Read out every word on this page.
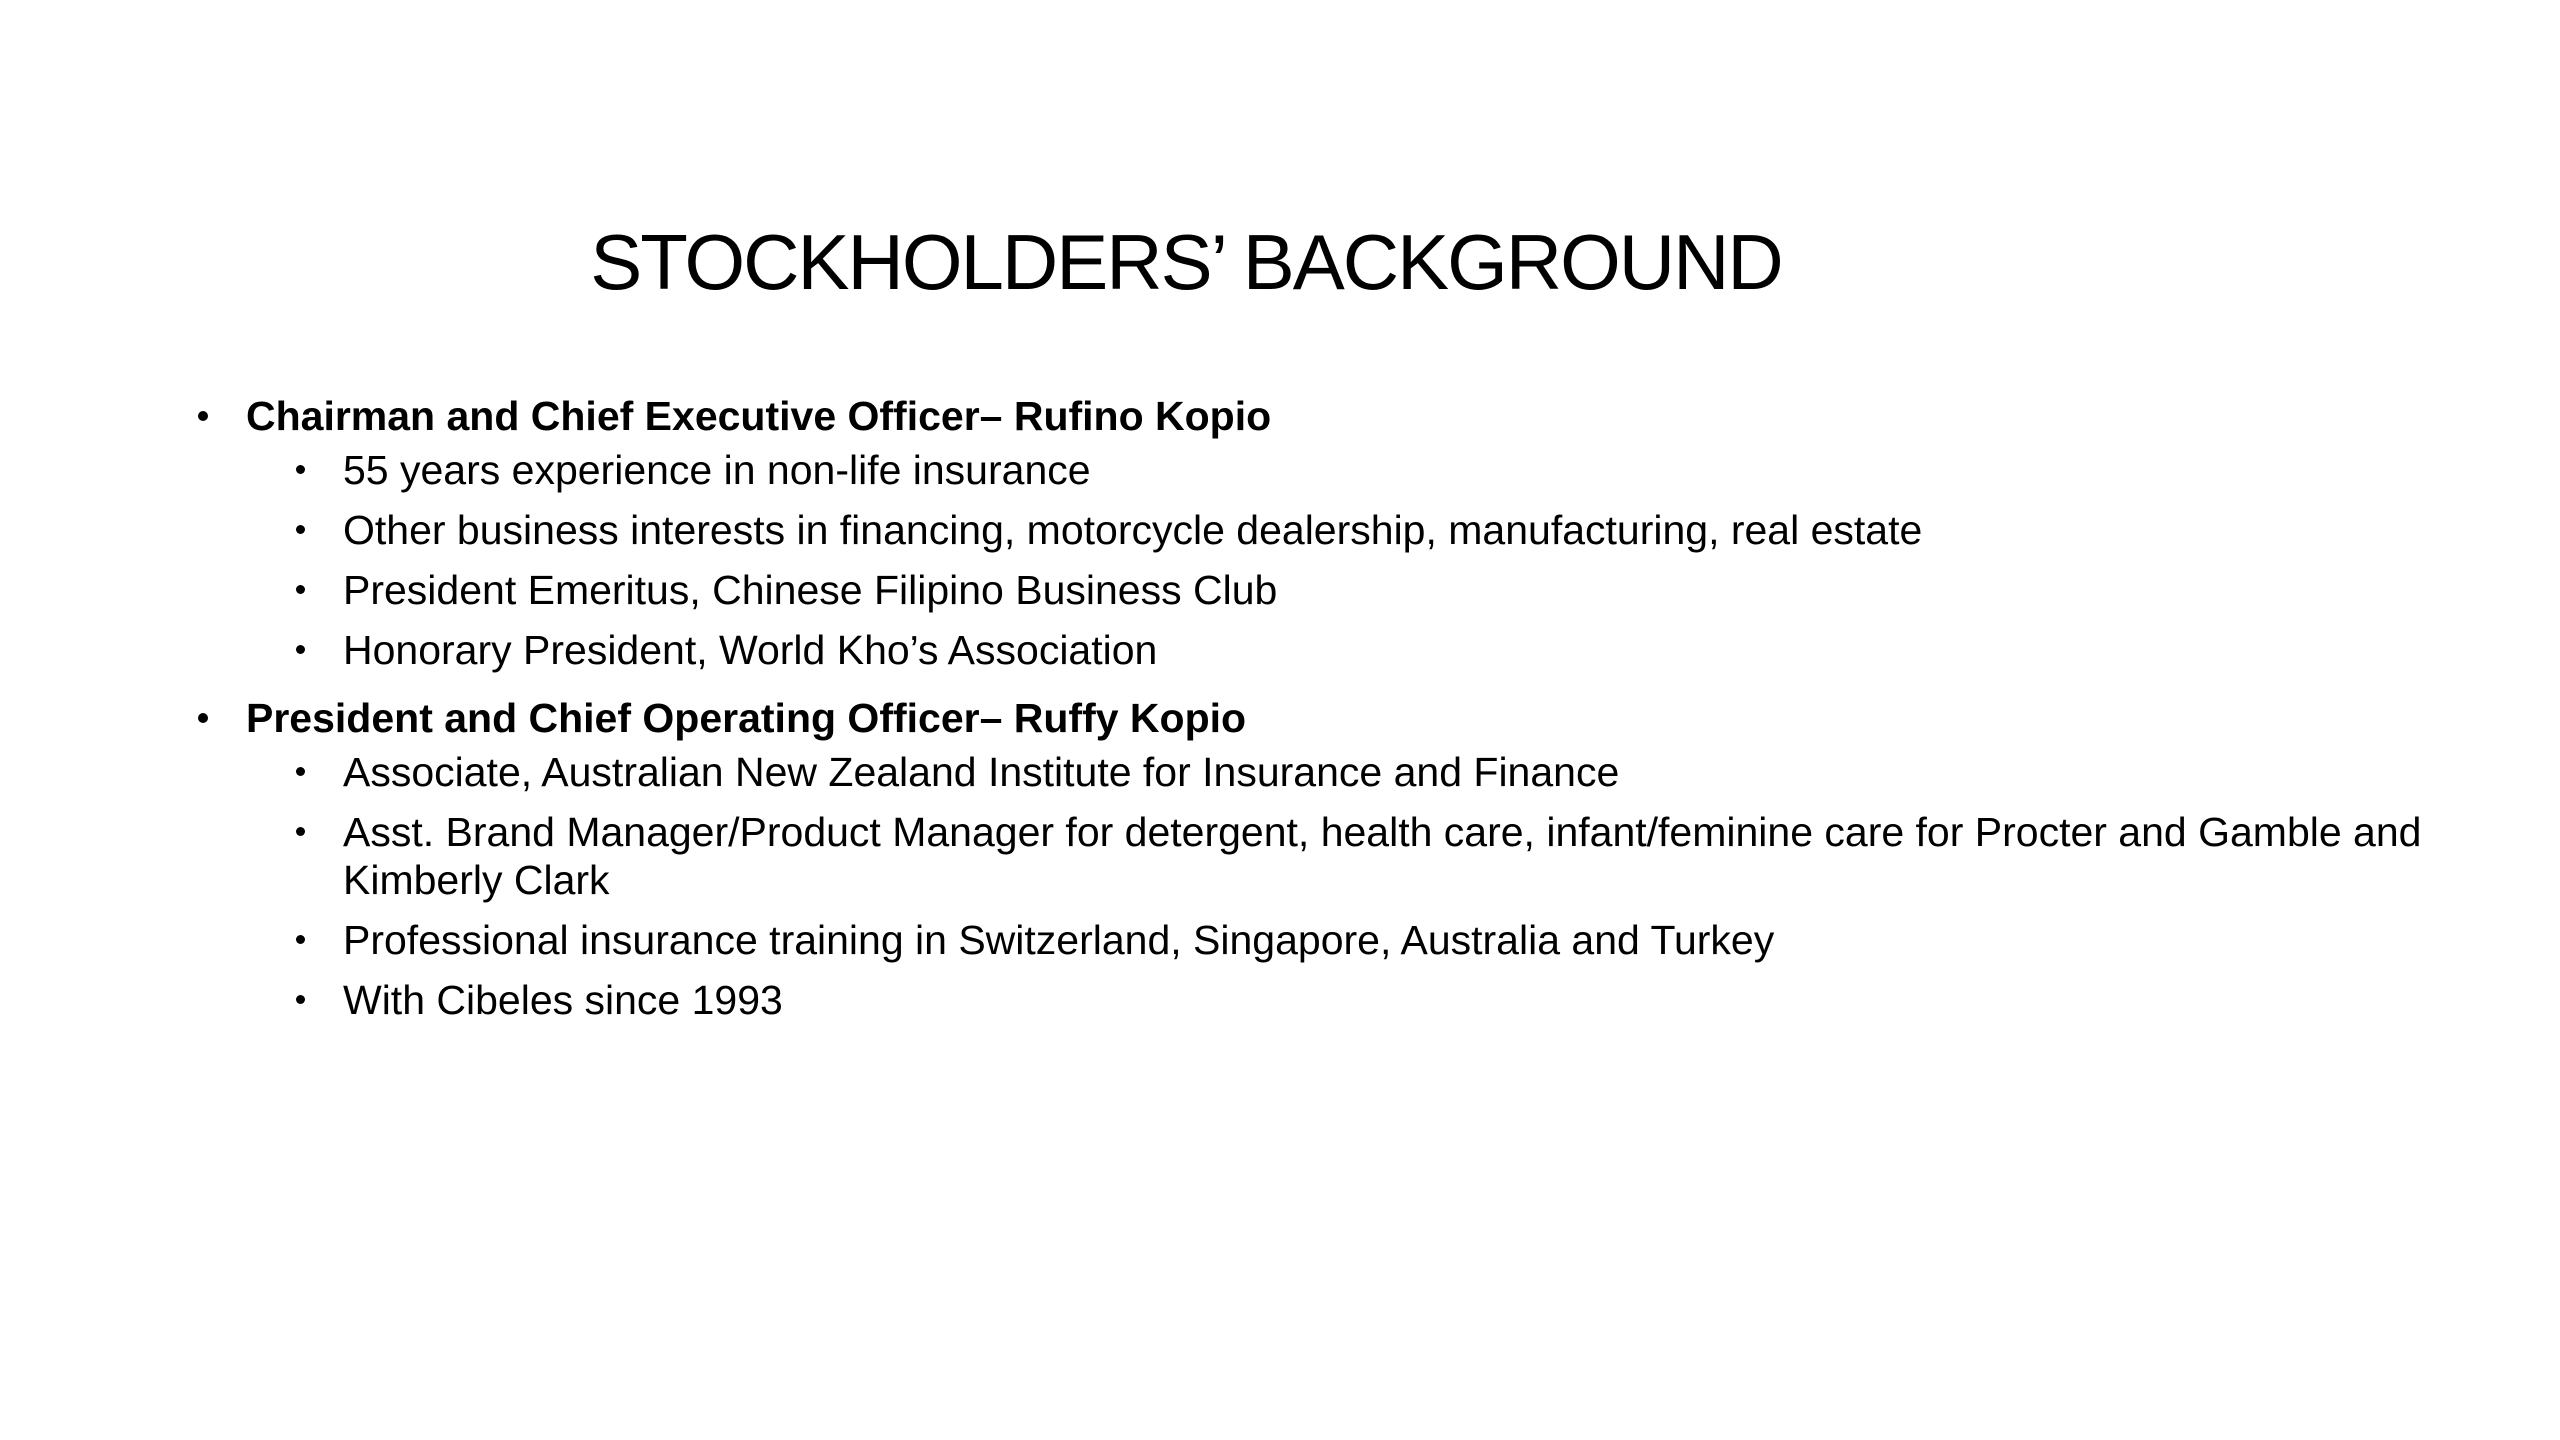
STOCKHOLDERS’ BACKGROUND
Chairman and Chief Executive Officer– Rufino Kopio
55 years experience in non-life insurance
Other business interests in financing, motorcycle dealership, manufacturing, real estate
President Emeritus, Chinese Filipino Business Club
Honorary President, World Kho’s Association
President and Chief Operating Officer– Ruffy Kopio
Associate, Australian New Zealand Institute for Insurance and Finance
Asst. Brand Manager/Product Manager for detergent, health care, infant/feminine care for Procter and Gamble and Kimberly Clark
Professional insurance training in Switzerland, Singapore, Australia and Turkey
With Cibeles since 1993
